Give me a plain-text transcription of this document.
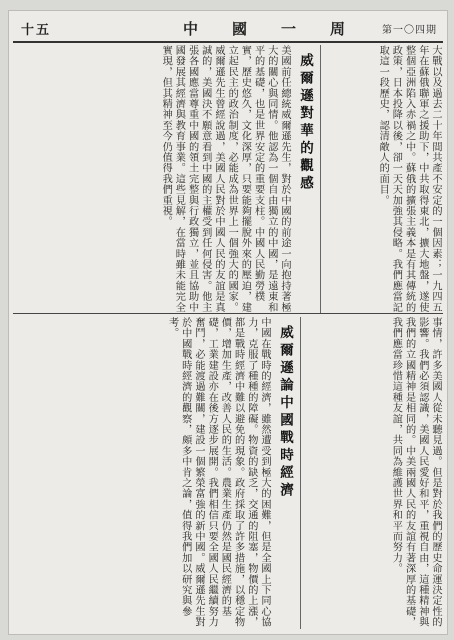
十五	中國一周 第一〇四期
大戰以及過去二十年間共產不安定的一個因素；一九四五年在蘇俄聯軍之援助下，中共取得東北，擴大地盤，遂使整個亞洲陷入赤禍之中。蘇俄的擴張主義本是有其傳統的政策，日本投降以後，卻一天天加強其侵略。我們應當記取這一段歷史，認清敵人的面目。
威爾遜對華的觀感
美國前任總統威爾遜先生，對於中國的前途一向抱持著極大的關心與同情。他認為一個自由獨立的中國，是遠東和平的基礎，也是世界安定的重要支柱。中國人民勤勞樸實，歷史悠久，文化深厚，只要能夠擺脫外來的壓迫，建立起民主的政治制度，必能成為世界上一個強大的國家。威爾遜先生曾經說過，美國人民對於中國人民的友誼是真誠的，美國決不願意看到中國的主權受到任何侵害。他主張各國應當尊重中國的領土完整與行政獨立，並且協助中國發展其經濟與教育事業。這些見解，在當時雖未能完全實現，但其精神至今仍值得我們重視。
事情，許多美國人從未聽見過。但是對於我們的歷史命運決定性的影響。我們必須認識，美國人民愛好和平，重視自由，這種精神與我們的立國精神是相同的。中美兩國人民的友誼有著深厚的基礎，我們應當珍惜這種友誼，共同為維護世界和平而努力。
威爾遜論中國戰時經濟
中國在戰時的經濟，雖然遭受到極大的困難，但是全國上下同心協力，克服了種種的障礙。物資的缺乏，交通的阻塞，物價的上漲，都是戰時經濟中難以避免的現象。政府採取了許多措施，以穩定物價，增加生產，改善人民的生活。農業生產仍然是國民經濟的基礎，工業建設亦在後方逐步展開。我們相信只要全國人民繼續努力奮鬥，必能渡過難關，建設一個繁榮富強的新中國。威爾遜先生對於中國戰時經濟的觀察，頗多中肯之論，值得我們加以研究與參考。
